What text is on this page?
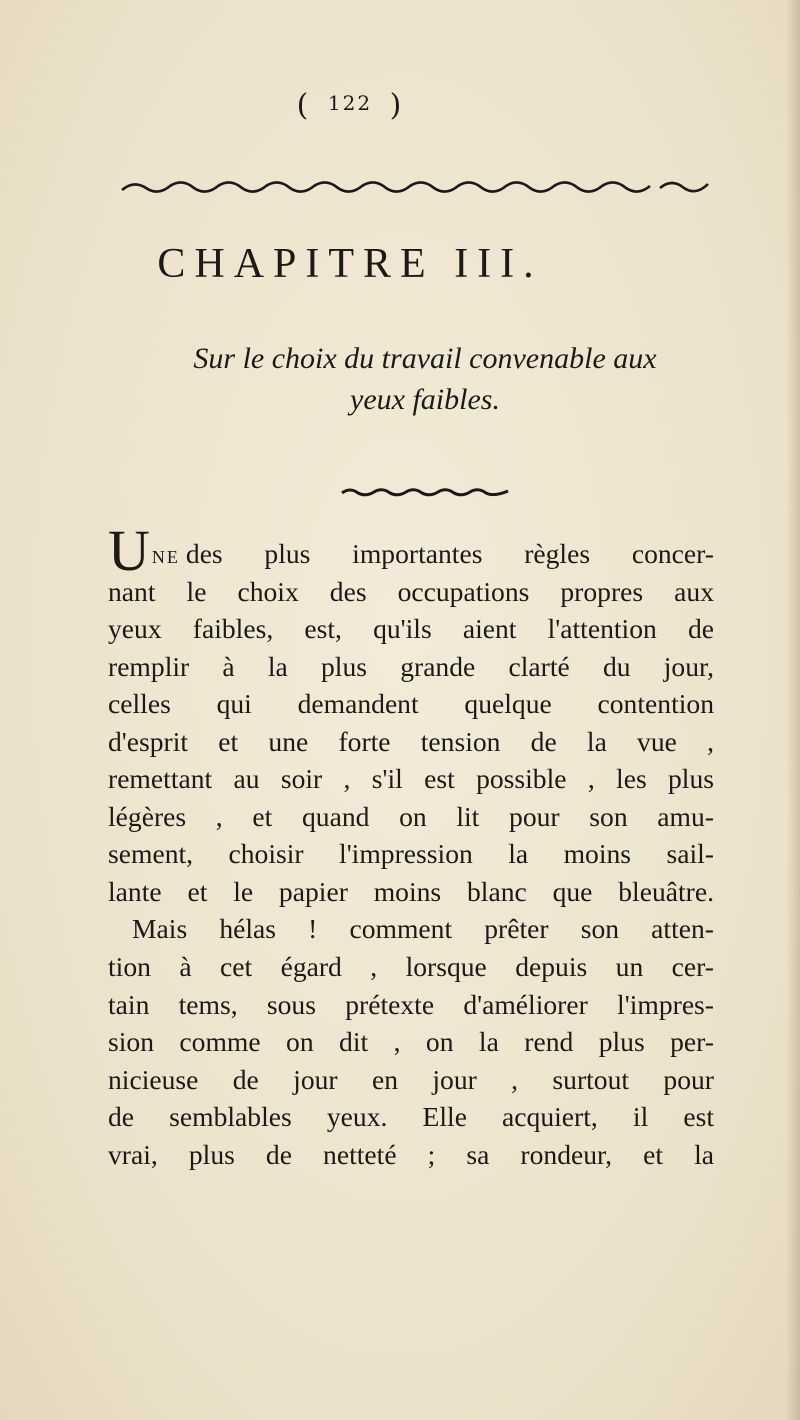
( 122 )
CHAPITRE III.
Sur le choix du travail convenable aux
yeux faibles.
UNE des plus importantes règles concer-
nant le choix des occupations propres aux
yeux faibles, est, qu'ils aient l'attention de
remplir à la plus grande clarté du jour,
celles qui demandent quelque contention
d'esprit et une forte tension de la vue ,
remettant au soir , s'il est possible , les plus
légères , et quand on lit pour son amu-
sement, choisir l'impression la moins sail-
lante et le papier moins blanc que bleuâtre.
Mais hélas ! comment prêter son atten-
tion à cet égard , lorsque depuis un cer-
tain tems, sous prétexte d'améliorer l'impres-
sion comme on dit , on la rend plus per-
nicieuse de jour en jour , surtout pour
de semblables yeux. Elle acquiert, il est
vrai, plus de netteté ; sa rondeur, et la
